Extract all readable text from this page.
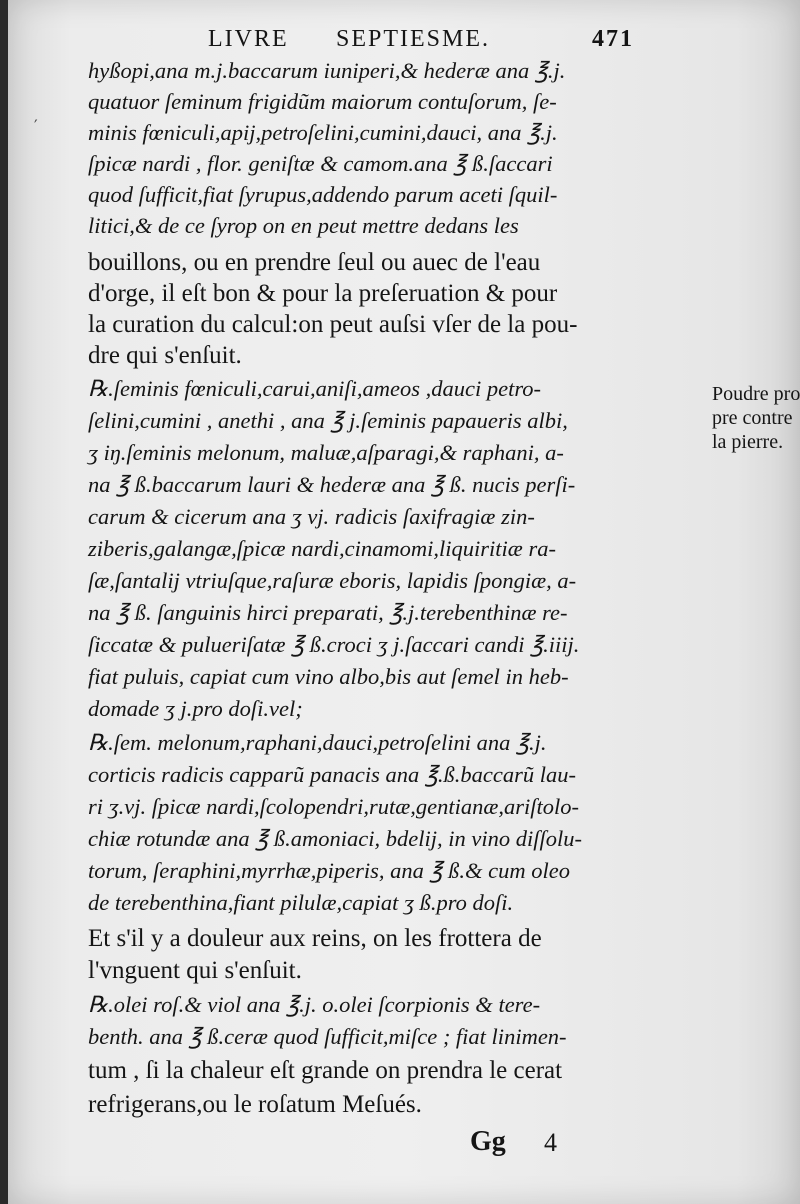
LIVRE SEPTIESME.	471
′
hyßopi,ana m.j.baccarum iuniperi,& hederæ ana ℥.j.
quatuor ſeminum frigidũm maiorum contuſorum, ſe-
minis fœniculi,apij,petroſelini,cumini,dauci, ana ℥.j.
ſpicæ nardi , flor. geniſtæ & camom.ana ℥ ß.ſaccari
quod ſufficit,fiat ſyrupus,addendo parum aceti ſquil-
litici,& de ce ſyrop on en peut mettre dedans les
bouillons, ou en prendre ſeul ou auec de l'eau
d'orge, il eſt bon & pour la preſeruation & pour
la curation du calcul:on peut auſsi vſer de la pou-
dre qui s'enſuit.
℞.ſeminis fœniculi,carui,aniſi,ameos ,dauci petro-
ſelini,cumini , anethi , ana ℥ j.ſeminis papaueris albi,
ʒ iŋ.ſeminis melonum, maluæ,aſparagi,& raphani, a-
na ℥ ß.baccarum lauri & hederæ ana ℥ ß. nucis perſi-
carum & cicerum ana ʒ vj. radicis ſaxifragiæ zin-
ziberis,galangæ,ſpicæ nardi,cinamomi,liquiritiæ ra-
ſæ,ſantalij vtriuſque,raſuræ eboris, lapidis ſpongiæ, a-
na ℥ ß. ſanguinis hirci preparati, ℥.j.terebenthinæ re-
ſiccatæ & pulueriſatæ ℥ ß.croci ʒ j.ſaccari candi ℥.iiij.
fiat puluis, capiat cum vino albo,bis aut ſemel in heb-
domade ʒ j.pro doſi.vel;
℞.ſem. melonum,raphani,dauci,petroſelini ana ℥.j.
corticis radicis capparũ panacis ana ℥.ß.baccarũ lau-
ri ʒ.vj. ſpicæ nardi,ſcolopendri,rutæ,gentianæ,ariſtolo-
chiæ rotundæ ana ℥ ß.amoniaci, bdelij, in vino diſſolu-
torum, ſeraphini,myrrhæ,piperis, ana ℥ ß.& cum oleo
de terebenthina,fiant pilulæ,capiat ʒ ß.pro doſi.
Et s'il y a douleur aux reins, on les frottera de
l'vnguent qui s'enſuit.
℞.olei roſ.& viol ana ℥.j. o.olei ſcorpionis & tere-
benth. ana ℥ ß.ceræ quod ſufficit,miſce ; fiat linimen-
tum , ſi la chaleur eſt grande on prendra le cerat
refrigerans,ou le roſatum Meſués.
Poudre pro
pre contre
la pierre.
Gg 4
